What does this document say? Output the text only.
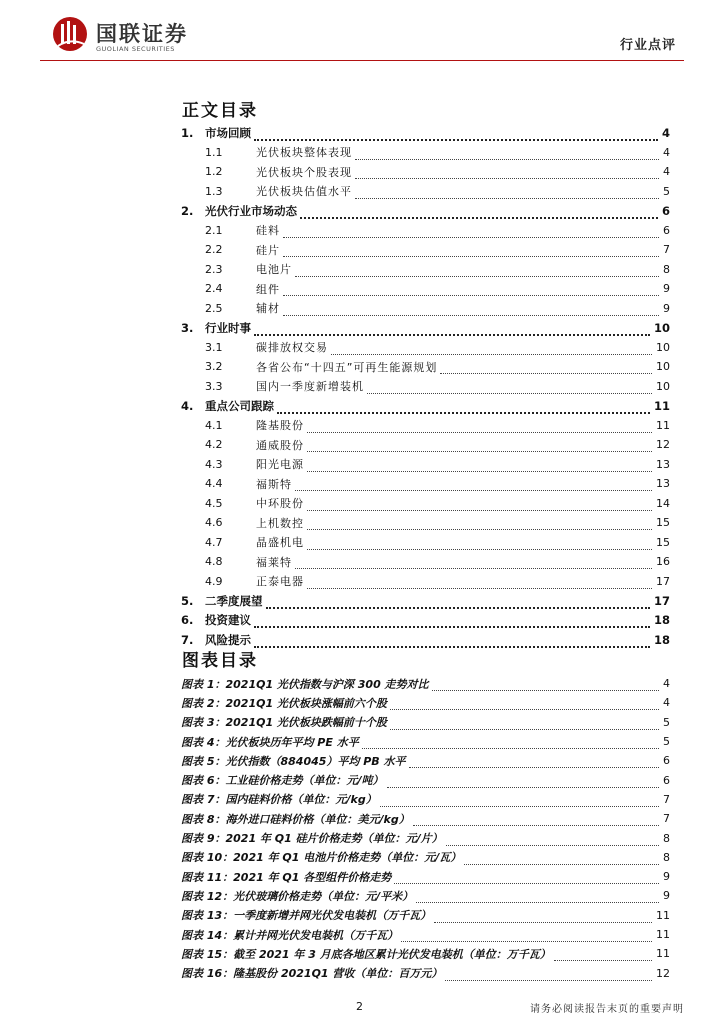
国联证券
GUOLIAN SECURITIES	行业点评
正文目录
1.	市场回顾	4
1.1	光伏板块整体表现	4
1.2	光伏板块个股表现	4
1.3	光伏板块估值水平	5
2.	光伏行业市场动态	6
2.1	硅料	6
2.2	硅片	7
2.3	电池片	8
2.4	组件	9
2.5	辅材	9
3.	行业时事	10
3.1	碳排放权交易	10
3.2	各省公布“十四五”可再生能源规划	10
3.3	国内一季度新增装机	10
4.	重点公司跟踪	11
4.1	隆基股份	11
4.2	通威股份	12
4.3	阳光电源	13
4.4	福斯特	13
4.5	中环股份	14
4.6	上机数控	15
4.7	晶盛机电	15
4.8	福莱特	16
4.9	正泰电器	17
5.	二季度展望	17
6.	投资建议	18
7.	风险提示	18
图表目录
图表 1：2021Q1 光伏指数与沪深 300 走势对比	4
图表 2：2021Q1 光伏板块涨幅前六个股	4
图表 3：2021Q1 光伏板块跌幅前十个股	5
图表 4：光伏板块历年平均 PE 水平	5
图表 5：光伏指数（884045）平均 PB 水平	6
图表 6：工业硅价格走势（单位：元/吨）	6
图表 7：国内硅料价格（单位：元/kg）	7
图表 8：海外进口硅料价格（单位：美元/kg）	7
图表 9：2021 年 Q1 硅片价格走势（单位：元/片）	8
图表 10：2021 年 Q1 电池片价格走势（单位：元/瓦）	8
图表 11：2021 年 Q1 各型组件价格走势	9
图表 12：光伏玻璃价格走势（单位：元/平米）	9
图表 13：一季度新增并网光伏发电装机（万千瓦）	11
图表 14：累计并网光伏发电装机（万千瓦）	11
图表 15：截至 2021 年 3 月底各地区累计光伏发电装机（单位：万千瓦）	11
图表 16：隆基股份 2021Q1 营收（单位：百万元）	12
2	请务必阅读报告末页的重要声明
